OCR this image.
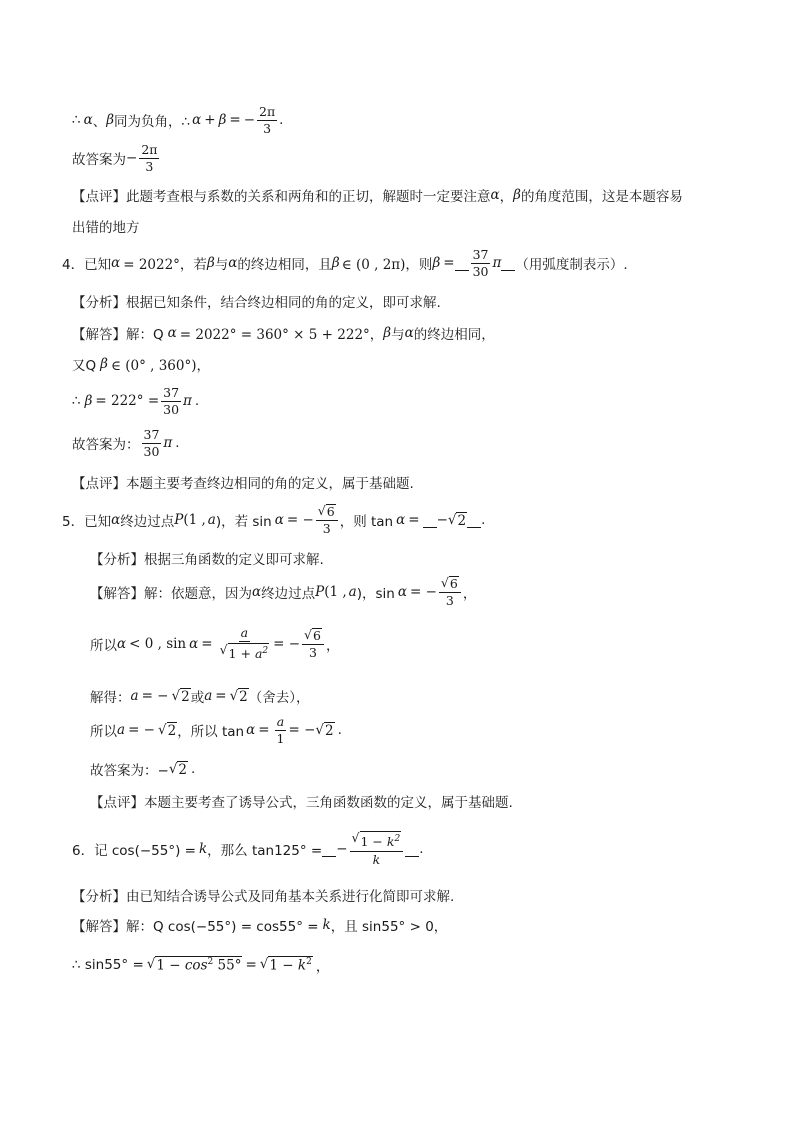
∴ α 、 β 同为负角，∴ α + β = − $\frac{2\pi}{3}$ .
故答案为 − $\frac{2\pi}{3}$
【点评】此题考查根与系数的关系和两角和的正切，解题时一定要注意 α ， β 的角度范围，这是本题容易
出错的地方
4．已知 α = 2022°，若 β 与 α 的终边相同，且 β ∈ (0 , 2π)，则 $\beta = \frac{37}{30}$ π （用弧度制表示）.
【分析】根据已知条件，结合终边相同的角的定义，即可求解.
【解答】解：Q α = 2022° = 360° × 5 + 222°， β 与 α 的终边相同，
又Q β ∈ (0° , 360°)，
∴ $\beta = 222^\circ = \frac{37}{30}$ π .
故答案为： $\frac{37}{30}$ π .
【点评】本题主要考查终边相同的角的定义，属于基础题.
5．已知 α 终边过点 P (1 , a )，若 sin α = − $\frac{√ 6}{3}$ ，则 tan α = − √ 2 .
【分析】根据三角函数的定义即可求解.
【解答】解：依题意，因为 α 终边过点 P (1 , a )，sin α = − $\frac{√ 6}{3}$ ，
所以 α < 0 , $\sin \alpha = \frac{a}{√ 1 + a^2}$ = − $\frac{√ 6}{3}$ ，
解得： a = − √ 2 或 a = √ 2 （舍去），
所以 a = − √ 2 ，所以 $\tan \alpha = \frac{a}{1}$ = − √ 2 .
故答案为：− √ 2 .
【点评】本题主要考查了诱导公式，三角函数函数的定义，属于基础题.
6．记 cos(−55°) = k ，那么 tan125° = − $\frac{√ 1 - k^2}{k}$ .
【分析】由已知结合诱导公式及同角基本关系进行化简即可求解.
【解答】解：Q cos(−55°) = cos55° = k ，且 sin55° > 0，
∴ sin55° = √ $1 - \cos^2 55^\circ$ = √ $1 - k^2$ ，
